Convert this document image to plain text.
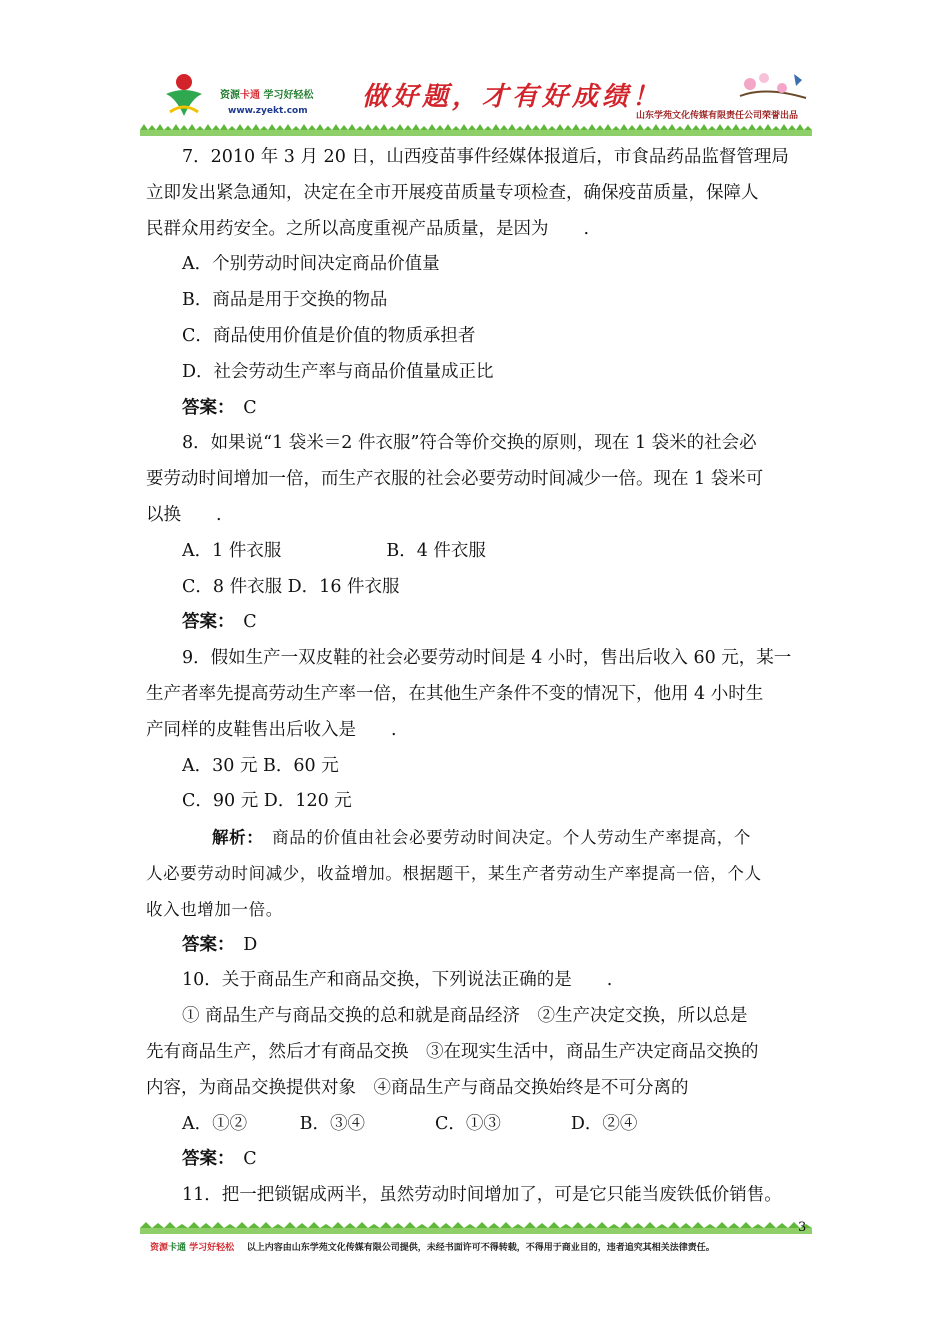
资源卡通 学习好轻松
www.zyekt.com 做好题，才有好成绩！
山东学苑文化传媒有限责任公司荣誉出品
7．2010 年 3 月 20 日，山西疫苗事件经媒体报道后，市食品药品监督管理局
立即发出紧急通知，决定在全市开展疫苗质量专项检查，确保疫苗质量，保障人
民群众用药安全。之所以高度重视产品质量，是因为　　.
A．个别劳动时间决定商品价值量
B．商品是用于交换的物品
C．商品使用价值是价值的物质承担者
D．社会劳动生产率与商品价值量成正比
答案：　 C
8．如果说“1 袋米＝2 件衣服”符合等价交换的原则，现在 1 袋米的社会必
要劳动时间增加一倍，而生产衣服的社会必要劳动时间减少一倍。现在 1 袋米可
以换　　.
A．1 件衣服　　　　　　B．4 件衣服
C．8 件衣服 D．16 件衣服
答案：　 C
9．假如生产一双皮鞋的社会必要劳动时间是 4 小时，售出后收入 60 元，某一
生产者率先提高劳动生产率一倍，在其他生产条件不变的情况下，他用 4 小时生
产同样的皮鞋售出后收入是　　.
A．30 元 B．60 元
C．90 元 D．120 元
解析：　 商品的价值由社会必要劳动时间决定。个人劳动生产率提高，个
人必要劳动时间减少，收益增加。根据题干，某生产者劳动生产率提高一倍，个人
收入也增加一倍。
答案：　 D
10．关于商品生产和商品交换，下列说法正确的是　　.
① 商品生产与商品交换的总和就是商品经济　②生产决定交换，所以总是
先有商品生产，然后才有商品交换　③在现实生活中，商品生产决定商品交换的
内容，为商品交换提供对象　④商品生产与商品交换始终是不可分离的
A．①②　　　B．③④　　　　C．①③　　　　D．②④
答案：　 C
11．把一把锁锯成两半，虽然劳动时间增加了，可是它只能当废铁低价销售。
3
资源卡通 学习好轻松 以上内容由山东学苑文化传媒有限公司提供，未经书面许可不得转载，不得用于商业目的，违者追究其相关法律责任。
